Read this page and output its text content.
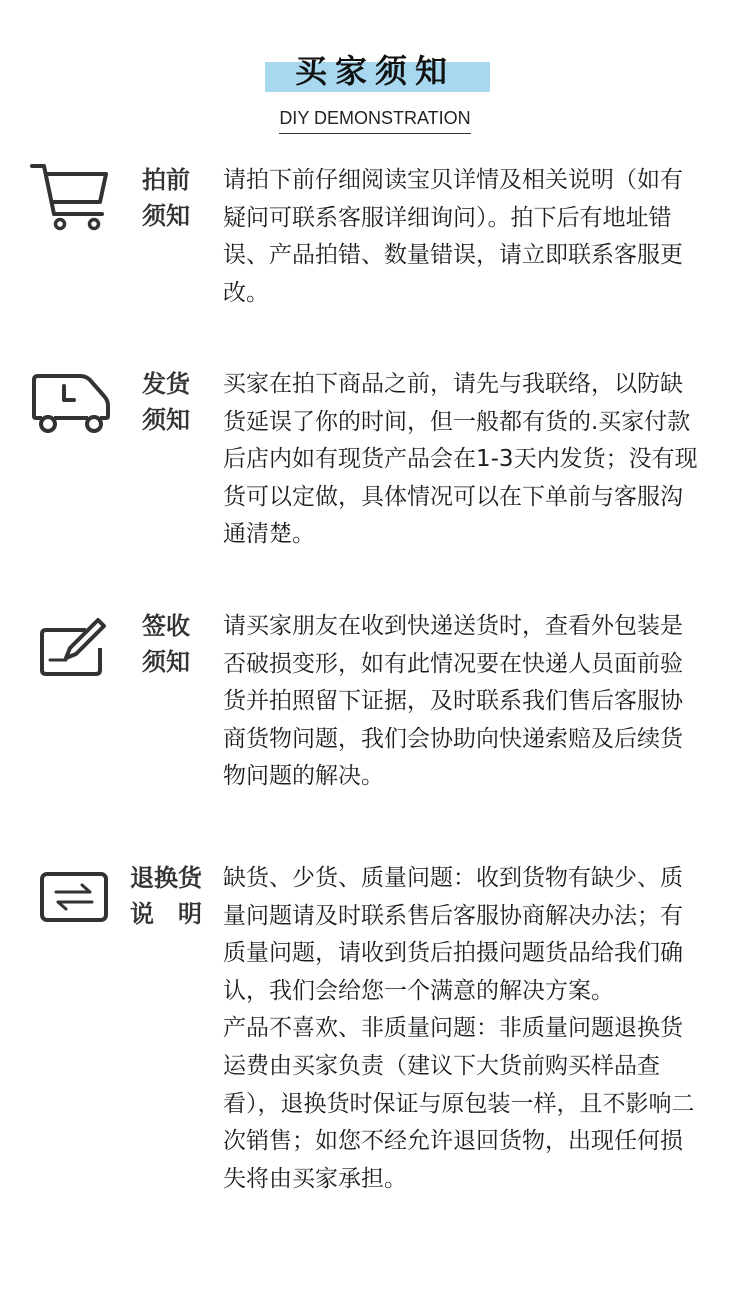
买家须知
DIY DEMONSTRATION
拍前
须知

请拍下前仔细阅读宝贝详情及相关说明（如有疑问可联系客服详细询问）。拍下后有地址错误、产品拍错、数量错误，请立即联系客服更改。

发货
须知

买家在拍下商品之前，请先与我联络，以防缺货延误了你的时间，但一般都有货的.买家付款后店内如有现货产品会在1-3天内发货；没有现货可以定做，具体情况可以在下单前与客服沟通清楚。

签收
须知

请买家朋友在收到快递送货时，查看外包装是否破损变形，如有此情况要在快递人员面前验货并拍照留下证据，及时联系我们售后客服协商货物问题，我们会协助向快递索赔及后续货物问题的解决。

退换货
说　明

缺货、少货、质量问题：收到货物有缺少、质量问题请及时联系售后客服协商解决办法；有质量问题，请收到货后拍摄问题货品给我们确认，我们会给您一个满意的解决方案。

产品不喜欢、非质量问题：非质量问题退换货运费由买家负责（建议下大货前购买样品查看），退换货时保证与原包装一样，且不影响二次销售；如您不经允许退回货物，出现任何损失将由买家承担。
